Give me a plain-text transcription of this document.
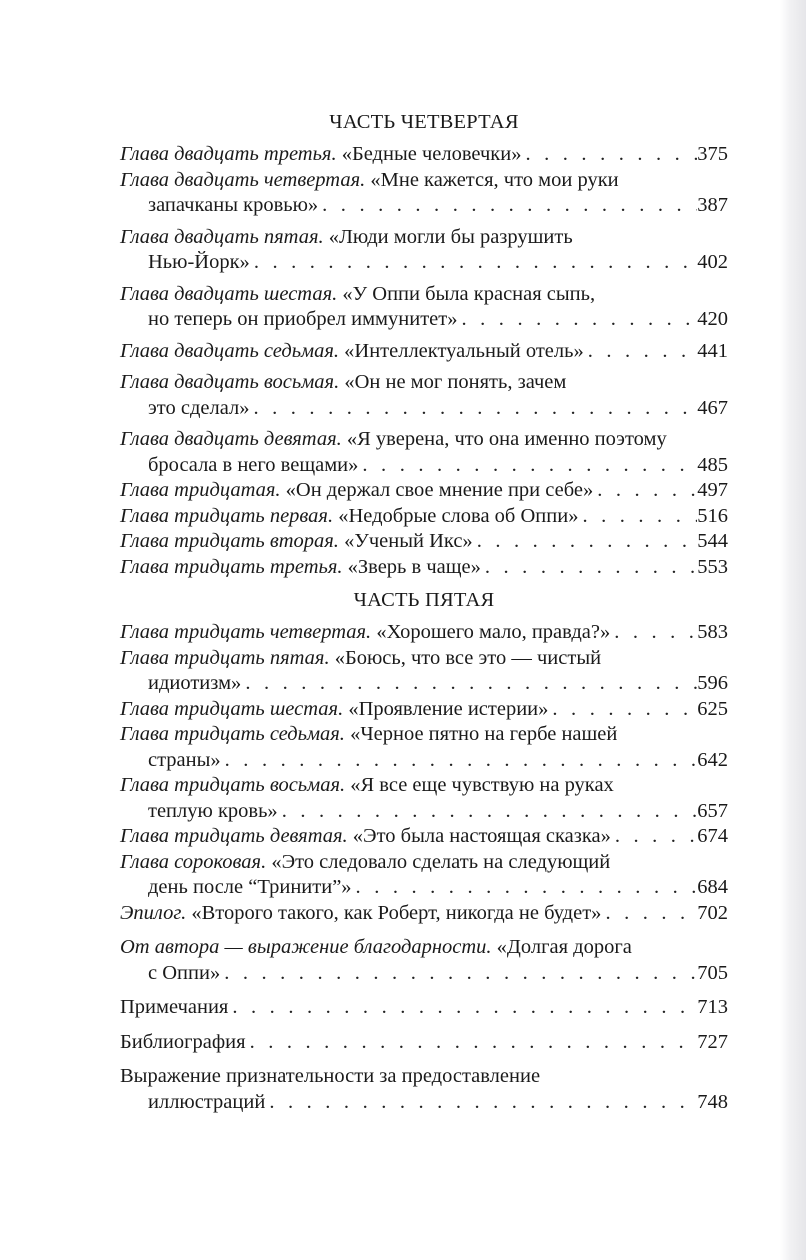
ЧАСТЬ ЧЕТВЕРТАЯ
Глава двадцать третья. «Бедные человечки» . . .	375
Глава двадцать четвертая. «Мне кажется, что мои руки
запачканы кровью» . . .	387
Глава двадцать пятая. «Люди могли бы разрушить
Нью-Йорк» . . .	402
Глава двадцать шестая. «У Оппи была красная сыпь,
но теперь он приобрел иммунитет» . . .	420
Глава двадцать седьмая. «Интеллектуальный отель» . . .	441
Глава двадцать восьмая. «Он не мог понять, зачем
это сделал» . . .	467
Глава двадцать девятая. «Я уверена, что она именно поэтому
бросала в него вещами» . . .	485
Глава тридцатая. «Он держал свое мнение при себе» . . .	497
Глава тридцать первая. «Недобрые слова об Оппи» . . .	516
Глава тридцать вторая. «Ученый Икс» . . .	544
Глава тридцать третья. «Зверь в чаще» . . .	553
ЧАСТЬ ПЯТАЯ
Глава тридцать четвертая. «Хорошего мало, правда?» . . .	583
Глава тридцать пятая. «Боюсь, что все это — чистый
идиотизм» . . .	596
Глава тридцать шестая. «Проявление истерии» . . .	625
Глава тридцать седьмая. «Черное пятно на гербе нашей
страны» . . .	642
Глава тридцать восьмая. «Я все еще чувствую на руках
теплую кровь» . . .	657
Глава тридцать девятая. «Это была настоящая сказка» . . .	674
Глава сороковая. «Это следовало сделать на следующий
день после “Тринити”» . . .	684
Эпилог. «Второго такого, как Роберт, никогда не будет» . . .	702
От автора — выражение благодарности. «Долгая дорога
с Оппи» . . .	705
Примечания . . .	713
Библиография . . .	727
Выражение признательности за предоставление
иллюстраций . . .	748
